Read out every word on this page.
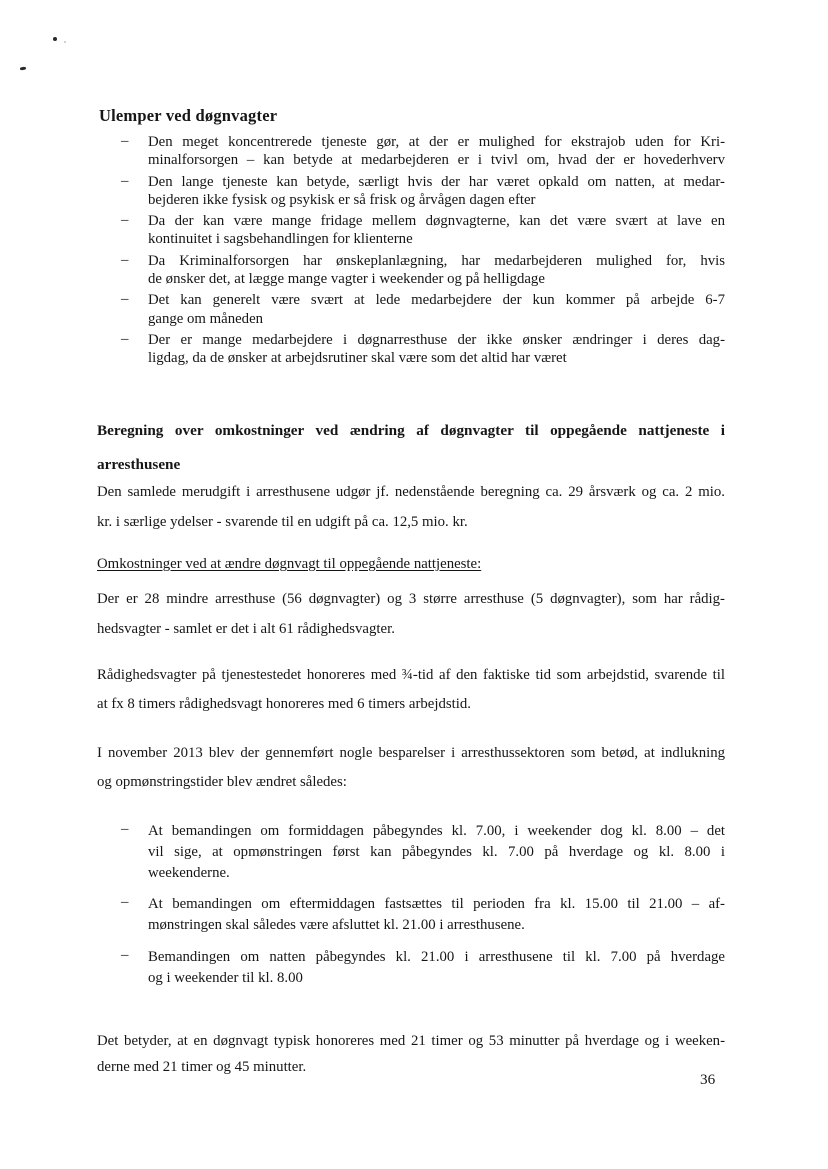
Ulemper ved døgnvagter
–	Den meget koncentrerede tjeneste gør, at der er mulighed for ekstrajob uden for Kri-
minalforsorgen – kan betyde at medarbejderen er i tvivl om, hvad der er hovederhverv
–	Den lange tjeneste kan betyde, særligt hvis der har været opkald om natten, at medar-
bejderen ikke fysisk og psykisk er så frisk og årvågen dagen efter
–	Da der kan være mange fridage mellem døgnvagterne, kan det være svært at lave en
kontinuitet i sagsbehandlingen for klienterne
–	Da Kriminalforsorgen har ønskeplanlægning, har medarbejderen mulighed for, hvis
de ønsker det, at lægge mange vagter i weekender og på helligdage
–	Det kan generelt være svært at lede medarbejdere der kun kommer på arbejde 6-7
gange om måneden
–	Der er mange medarbejdere i døgnarresthuse der ikke ønsker ændringer i deres dag-
ligdag, da de ønsker at arbejdsrutiner skal være som det altid har været
Beregning over omkostninger ved ændring af døgnvagter til oppegående nattjeneste i
arresthusene
Den samlede merudgift i arresthusene udgør jf. nedenstående beregning ca. 29 årsværk og ca. 2 mio.
kr. i særlige ydelser - svarende til en udgift på ca. 12,5 mio. kr.
Omkostninger ved at ændre døgnvagt til oppegående nattjeneste:
Der er 28 mindre arresthuse (56 døgnvagter) og 3 større arresthuse (5 døgnvagter), som har rådig-
hedsvagter - samlet er det i alt 61 rådighedsvagter.
Rådighedsvagter på tjenestestedet honoreres med ¾-tid af den faktiske tid som arbejdstid, svarende til
at fx 8 timers rådighedsvagt honoreres med 6 timers arbejdstid.
I november 2013 blev der gennemført nogle besparelser i arresthussektoren som betød, at indlukning
og opmønstringstider blev ændret således:
–	At bemandingen om formiddagen påbegyndes kl. 7.00, i weekender dog kl. 8.00 – det
vil sige, at opmønstringen først kan påbegyndes kl. 7.00 på hverdage og kl. 8.00 i
weekenderne.
–	At bemandingen om eftermiddagen fastsættes til perioden fra kl. 15.00 til 21.00 – af-
mønstringen skal således være afsluttet kl. 21.00 i arresthusene.
–	Bemandingen om natten påbegyndes kl. 21.00 i arresthusene til kl. 7.00 på hverdage
og i weekender til kl. 8.00
Det betyder, at en døgnvagt typisk honoreres med 21 timer og 53 minutter på hverdage og i weeken-
derne med 21 timer og 45 minutter.
36
